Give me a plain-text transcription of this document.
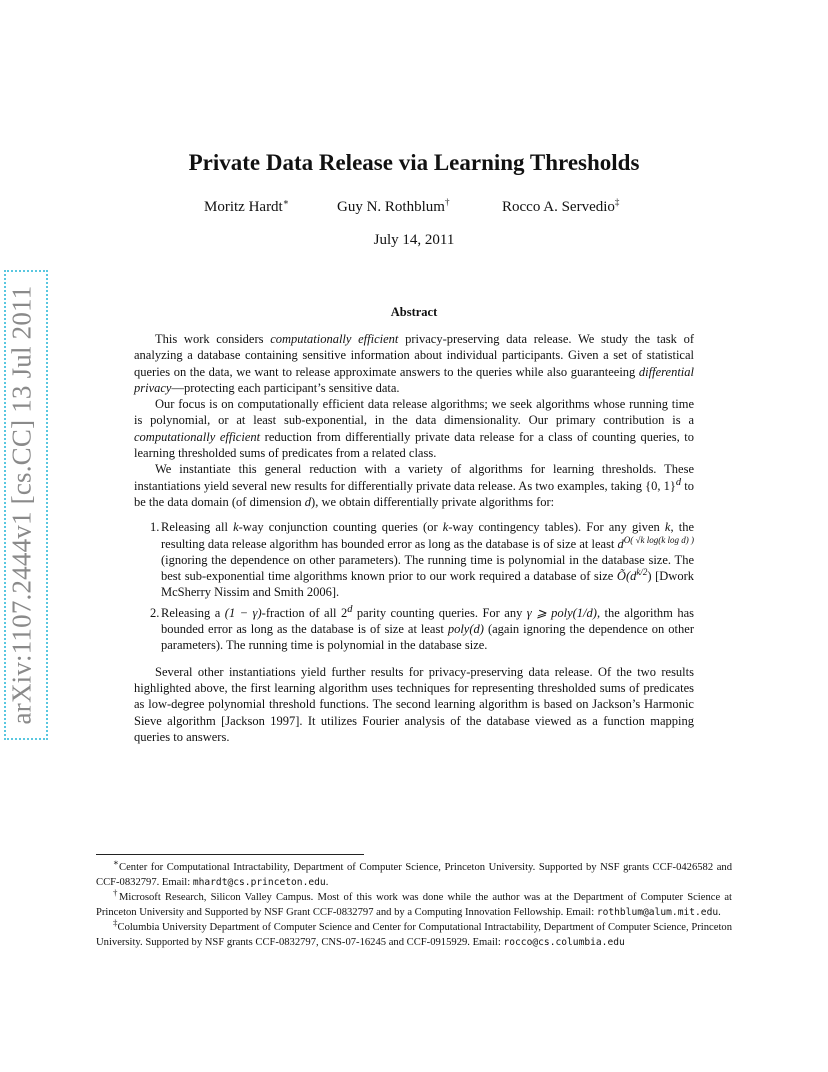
arXiv:1107.2444v1 [cs.CC] 13 Jul 2011
Private Data Release via Learning Thresholds
Moritz Hardt∗	Guy N. Rothblum†	Rocco A. Servedio‡
July 14, 2011
Abstract

This work considers computationally efficient privacy-preserving data release. We study the task of analyzing a database containing sensitive information about individual participants. Given a set of statistical queries on the data, we want to release approximate answers to the queries while also guaranteeing differential privacy—protecting each participant’s sensitive data.

Our focus is on computationally efficient data release algorithms; we seek algorithms whose running time is polynomial, or at least sub-exponential, in the data dimensionality. Our primary contribution is a computationally efficient reduction from differentially private data release for a class of counting queries, to learning thresholded sums of predicates from a related class.

We instantiate this general reduction with a variety of algorithms for learning thresholds. These instantiations yield several new results for differentially private data release. As two examples, taking {0, 1}$^d$ to be the data domain (of dimension d), we obtain differentially private algorithms for:

1. Releasing all k-way conjunction counting queries (or k-way contingency tables). For any given k, the resulting data release algorithm has bounded error as long as the database is of size at least $d^{O( √k log(k log d) )}$ (ignoring the dependence on other parameters). The running time is polynomial in the database size. The best sub-exponential time algorithms known prior to our work required a database of size $Õ(d^{k/2})$ [Dwork McSherry Nissim and Smith 2006].
2. Releasing a (1 − γ)-fraction of all 2$^d$ parity counting queries. For any γ ⩾ poly(1/d), the algorithm has bounded error as long as the database is of size at least poly(d) (again ignoring the dependence on other parameters). The running time is polynomial in the database size.

Several other instantiations yield further results for privacy-preserving data release. Of the two results highlighted above, the first learning algorithm uses techniques for representing thresholded sums of predicates as low-degree polynomial threshold functions. The second learning algorithm is based on Jackson’s Harmonic Sieve algorithm [Jackson 1997]. It utilizes Fourier analysis of the database viewed as a function mapping queries to answers.

∗Center for Computational Intractability, Department of Computer Science, Princeton University. Supported by NSF grants CCF-0426582 and CCF-0832797. Email: mhardt@cs.princeton.edu.

†Microsoft Research, Silicon Valley Campus. Most of this work was done while the author was at the Department of Computer Science at Princeton University and Supported by NSF Grant CCF-0832797 and by a Computing Innovation Fellowship. Email: rothblum@alum.mit.edu.

‡Columbia University Department of Computer Science and Center for Computational Intractability, Department of Computer Science, Princeton University. Supported by NSF grants CCF-0832797, CNS-07-16245 and CCF-0915929. Email: rocco@cs.columbia.edu
